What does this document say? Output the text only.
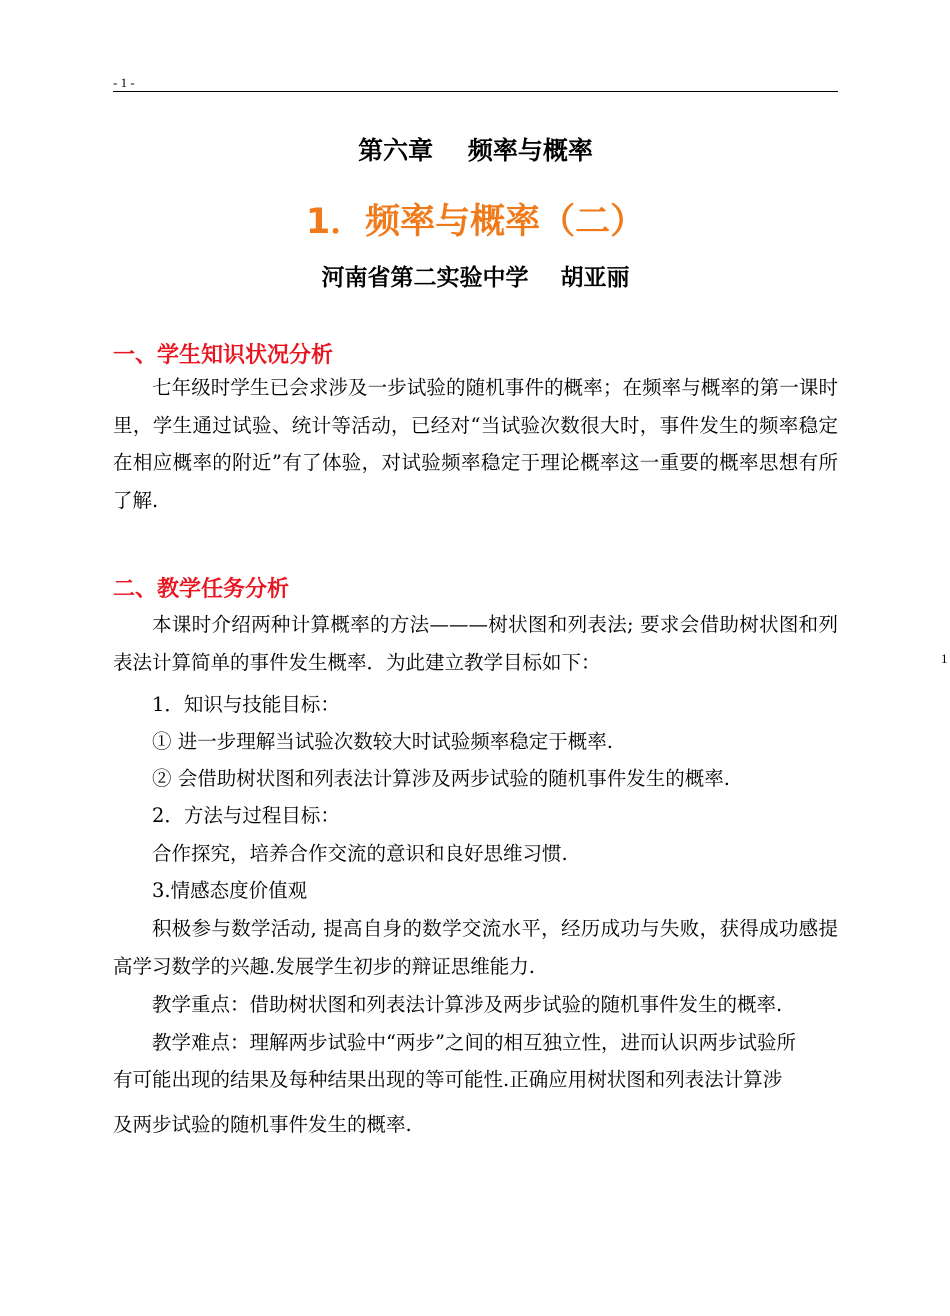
- 1 -
1
第六章    频率与概率
1．频率与概率（二）
河南省第二实验中学    胡亚丽
一、学生知识状况分析

七年级时学生已会求涉及一步试验的随机事件的概率；在频率与概率的第一课时里，学生通过试验、统计等活动，已经对“当试验次数很大时，事件发生的频率稳定在相应概率的附近”有了体验，对试验频率稳定于理论概率这一重要的概率思想有所了解.

二、教学任务分析

本课时介绍两种计算概率的方法———树状图和列表法; 要求会借助树状图和列表法计算简单的事件发生概率．为此建立教学目标如下：

1．知识与技能目标：
① 进一步理解当试验次数较大时试验频率稳定于概率.
② 会借助树状图和列表法计算涉及两步试验的随机事件发生的概率.
2．方法与过程目标：
合作探究，培养合作交流的意识和良好思维习惯.
3.情感态度价值观

积极参与数学活动, 提高自身的数学交流水平，经历成功与失败，获得成功感提高学习数学的兴趣.发展学生初步的辩证思维能力.

教学重点：借助树状图和列表法计算涉及两步试验的随机事件发生的概率.
教学难点：理解两步试验中“两步”之间的相互独立性，进而认识两步试验所
有可能出现的结果及每种结果出现的等可能性.正确应用树状图和列表法计算涉
及两步试验的随机事件发生的概率.
